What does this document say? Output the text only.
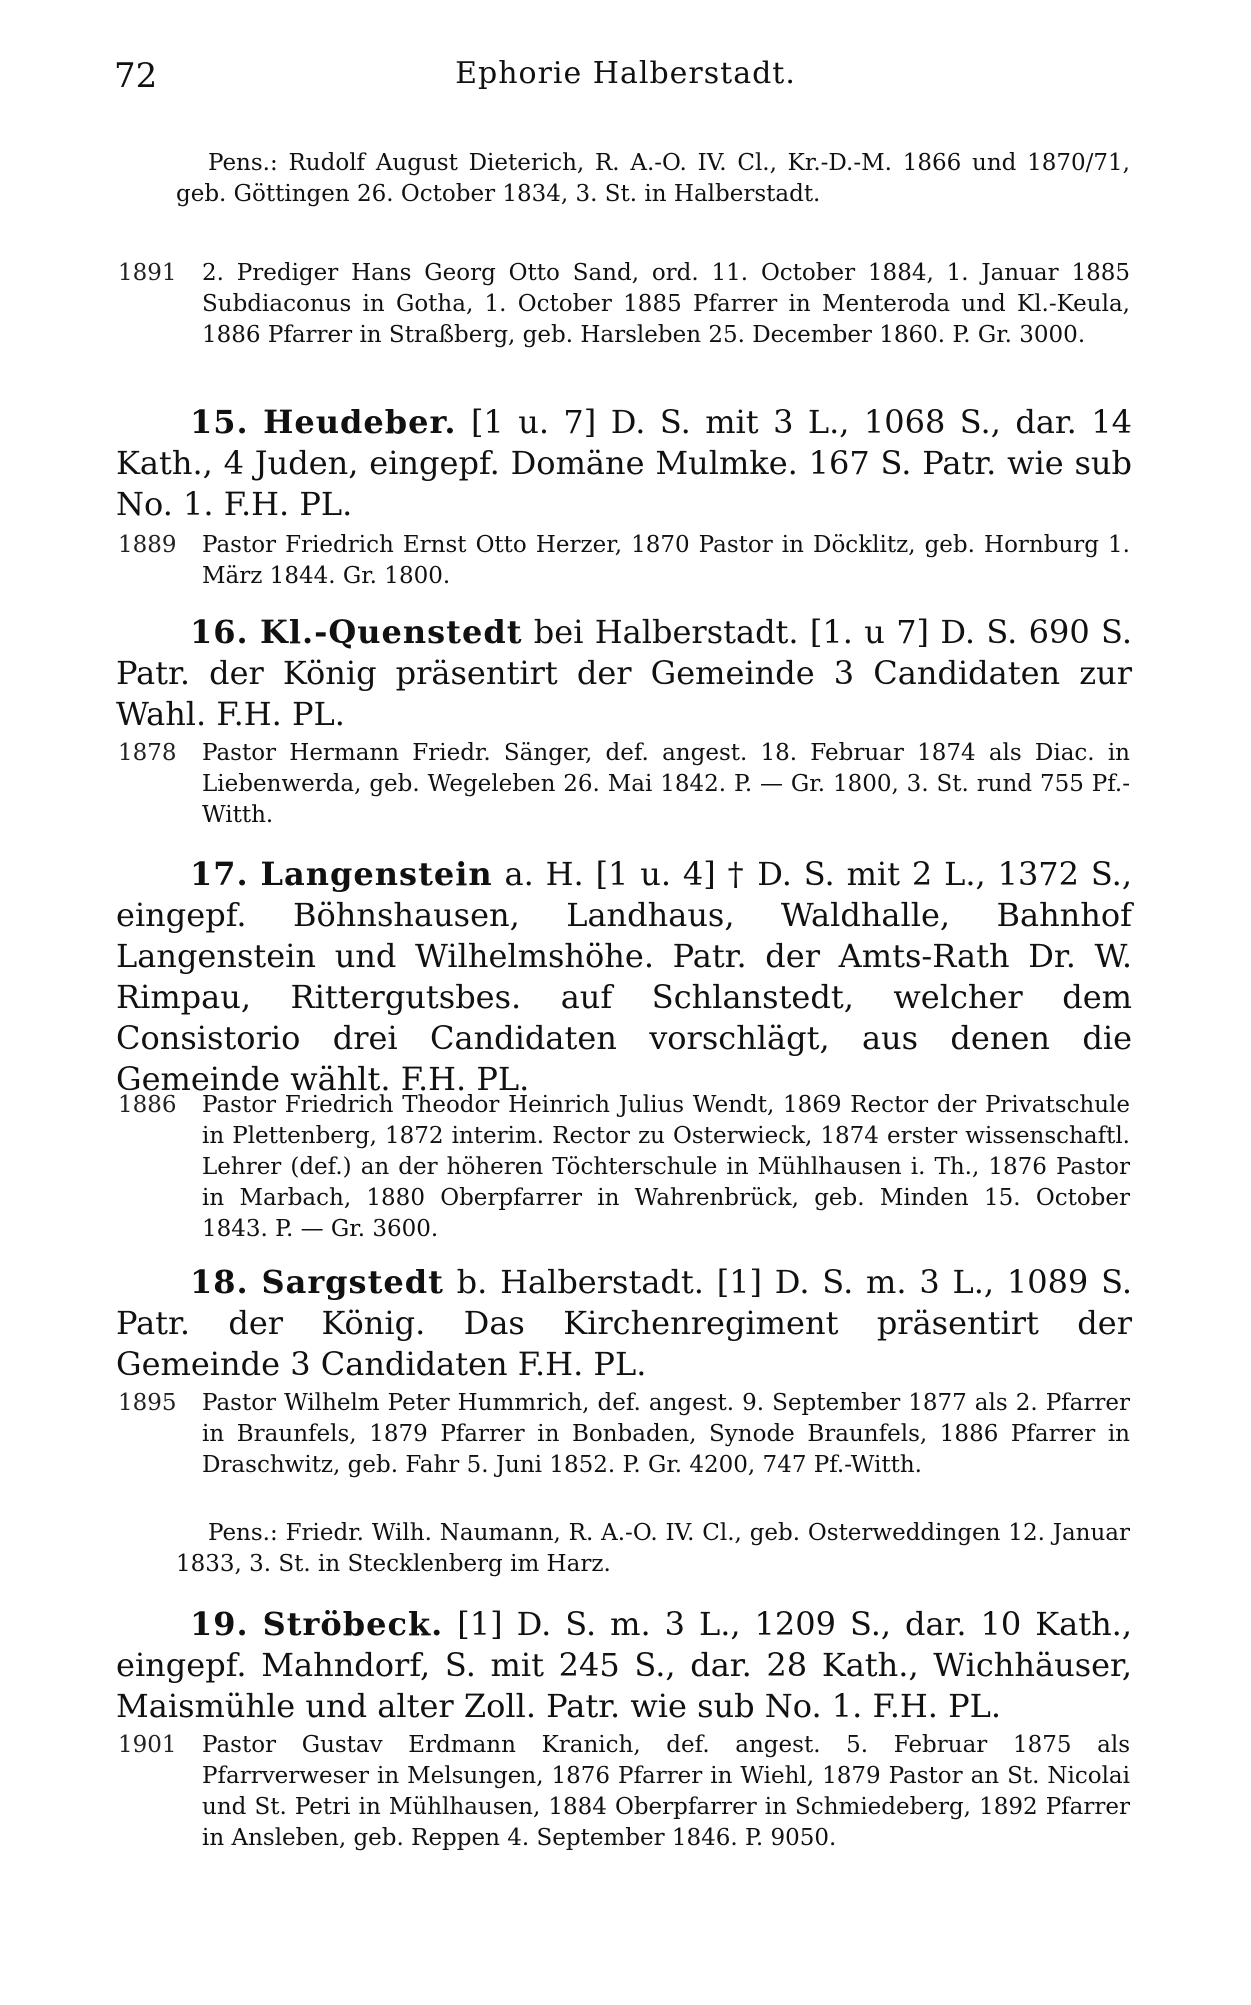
72	Ephorie Halberstadt.
Pens.: Rudolf August Dieterich, R. A.-O. IV. Cl., Kr.-D.-M. 1866 und 1870/71, geb. Göttingen 26. October 1834, 3. St. in Halberstadt.
1891	2. Prediger Hans Georg Otto Sand, ord. 11. October 1884, 1. Januar 1885 Subdiaconus in Gotha, 1. October 1885 Pfarrer in Menteroda und Kl.-Keula, 1886 Pfarrer in Straßberg, geb. Harsleben 25. December 1860. P. Gr. 3000.
15. Heudeber. [1 u. 7] D. S. mit 3 L., 1068 S., dar. 14 Kath., 4 Juden, eingepf. Domäne Mulmke. 167 S. Patr. wie sub No. 1. F.H. PL.
1889	Pastor Friedrich Ernst Otto Herzer, 1870 Pastor in Döcklitz, geb. Hornburg 1. März 1844. Gr. 1800.
16. Kl.-Quenstedt bei Halberstadt. [1. u 7] D. S. 690 S. Patr. der König präsentirt der Gemeinde 3 Candidaten zur Wahl. F.H. PL.
1878	Pastor Hermann Friedr. Sänger, def. angest. 18. Februar 1874 als Diac. in Liebenwerda, geb. Wegeleben 26. Mai 1842. P. — Gr. 1800, 3. St. rund 755 Pf.-Witth.
17. Langenstein a. H. [1 u. 4] † D. S. mit 2 L., 1372 S., eingepf. Böhnshausen, Landhaus, Waldhalle, Bahnhof Langenstein und Wilhelmshöhe. Patr. der Amts-Rath Dr. W. Rimpau, Rittergutsbes. auf Schlanstedt, welcher dem Consistorio drei Candidaten vorschlägt, aus denen die Gemeinde wählt. F.H. PL.
1886	Pastor Friedrich Theodor Heinrich Julius Wendt, 1869 Rector der Privatschule in Plettenberg, 1872 interim. Rector zu Osterwieck, 1874 erster wissenschaftl. Lehrer (def.) an der höheren Töchterschule in Mühlhausen i. Th., 1876 Pastor in Marbach, 1880 Oberpfarrer in Wahrenbrück, geb. Minden 15. October 1843. P. — Gr. 3600.
18. Sargstedt b. Halberstadt. [1] D. S. m. 3 L., 1089 S. Patr. der König. Das Kirchenregiment präsentirt der Gemeinde 3 Candidaten F.H. PL.
1895	Pastor Wilhelm Peter Hummrich, def. angest. 9. September 1877 als 2. Pfarrer in Braunfels, 1879 Pfarrer in Bonbaden, Synode Braunfels, 1886 Pfarrer in Draschwitz, geb. Fahr 5. Juni 1852. P. Gr. 4200, 747 Pf.-Witth.
Pens.: Friedr. Wilh. Naumann, R. A.-O. IV. Cl., geb. Osterweddingen 12. Januar 1833, 3. St. in Stecklenberg im Harz.
19. Ströbeck. [1] D. S. m. 3 L., 1209 S., dar. 10 Kath., eingepf. Mahndorf, S. mit 245 S., dar. 28 Kath., Wichhäuser, Maismühle und alter Zoll. Patr. wie sub No. 1. F.H. PL.
1901	Pastor Gustav Erdmann Kranich, def. angest. 5. Februar 1875 als Pfarrverweser in Melsungen, 1876 Pfarrer in Wiehl, 1879 Pastor an St. Nicolai und St. Petri in Mühlhausen, 1884 Oberpfarrer in Schmiedeberg, 1892 Pfarrer in Ansleben, geb. Reppen 4. September 1846. P. 9050.
